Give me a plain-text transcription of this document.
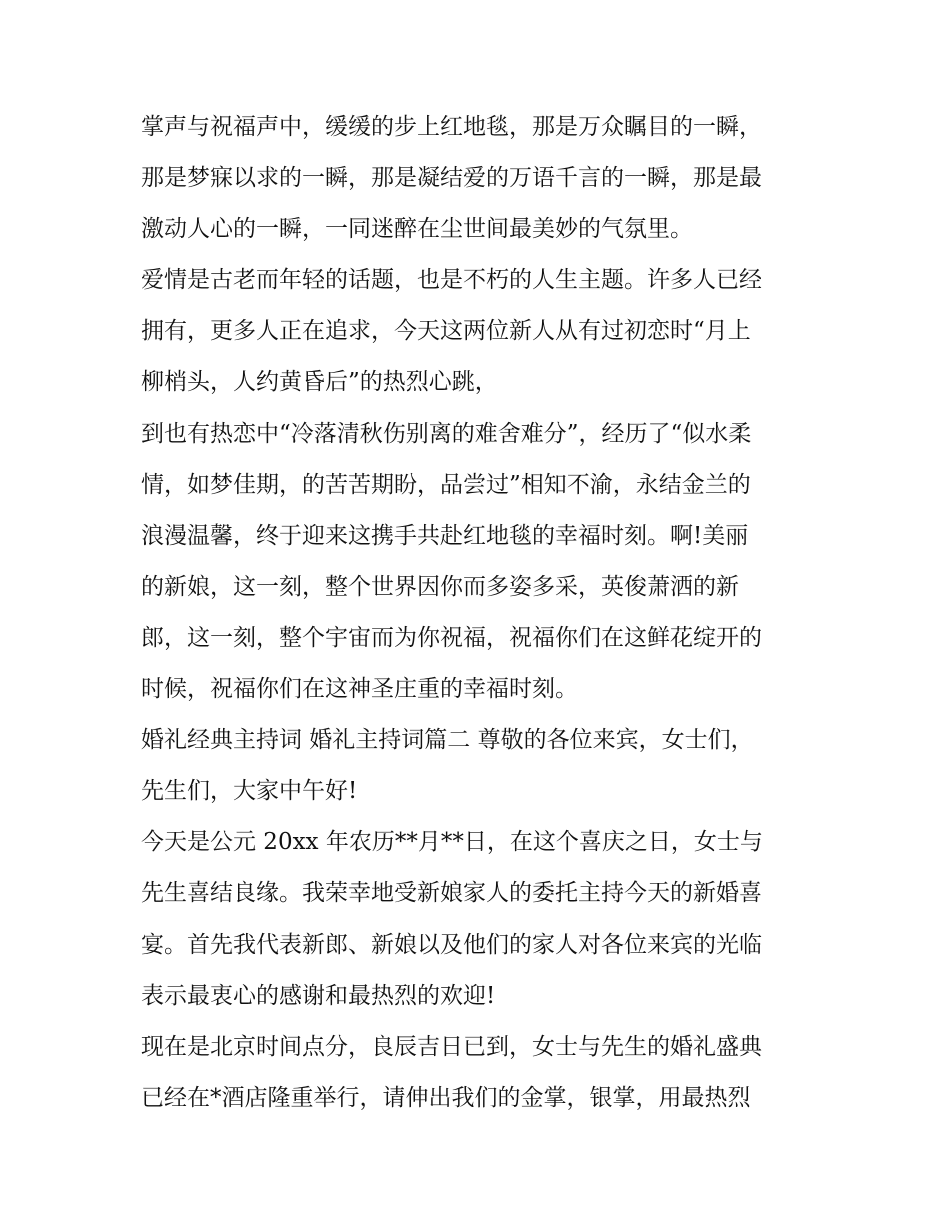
掌声与祝福声中，缓缓的步上红地毯，那是万众瞩目的一瞬，
那是梦寐以求的一瞬，那是凝结爱的万语千言的一瞬，那是最
激动人心的一瞬，一同迷醉在尘世间最美妙的气氛里。
爱情是古老而年轻的话题，也是不朽的人生主题。许多人已经
拥有，更多人正在追求，今天这两位新人从有过初恋时“月上
柳梢头，人约黄昏后”的热烈心跳，
到也有热恋中“冷落清秋伤别离的难舍难分”，经历了“似水柔
情，如梦佳期，的苦苦期盼，品尝过”相知不渝，永结金兰的
浪漫温馨，终于迎来这携手共赴红地毯的幸福时刻。啊!美丽
的新娘，这一刻，整个世界因你而多姿多采，英俊萧洒的新
郎，这一刻，整个宇宙而为你祝福，祝福你们在这鲜花绽开的
时候，祝福你们在这神圣庄重的幸福时刻。
婚礼经典主持词 婚礼主持词篇二 尊敬的各位来宾，女士们，
先生们，大家中午好!
今天是公元 20xx 年农历**月**日，在这个喜庆之日，女士与
先生喜结良缘。我荣幸地受新娘家人的委托主持今天的新婚喜
宴。首先我代表新郎、新娘以及他们的家人对各位来宾的光临
表示最衷心的感谢和最热烈的欢迎!
现在是北京时间点分，良辰吉日已到，女士与先生的婚礼盛典
已经在*酒店隆重举行，请伸出我们的金掌，银掌，用最热烈
